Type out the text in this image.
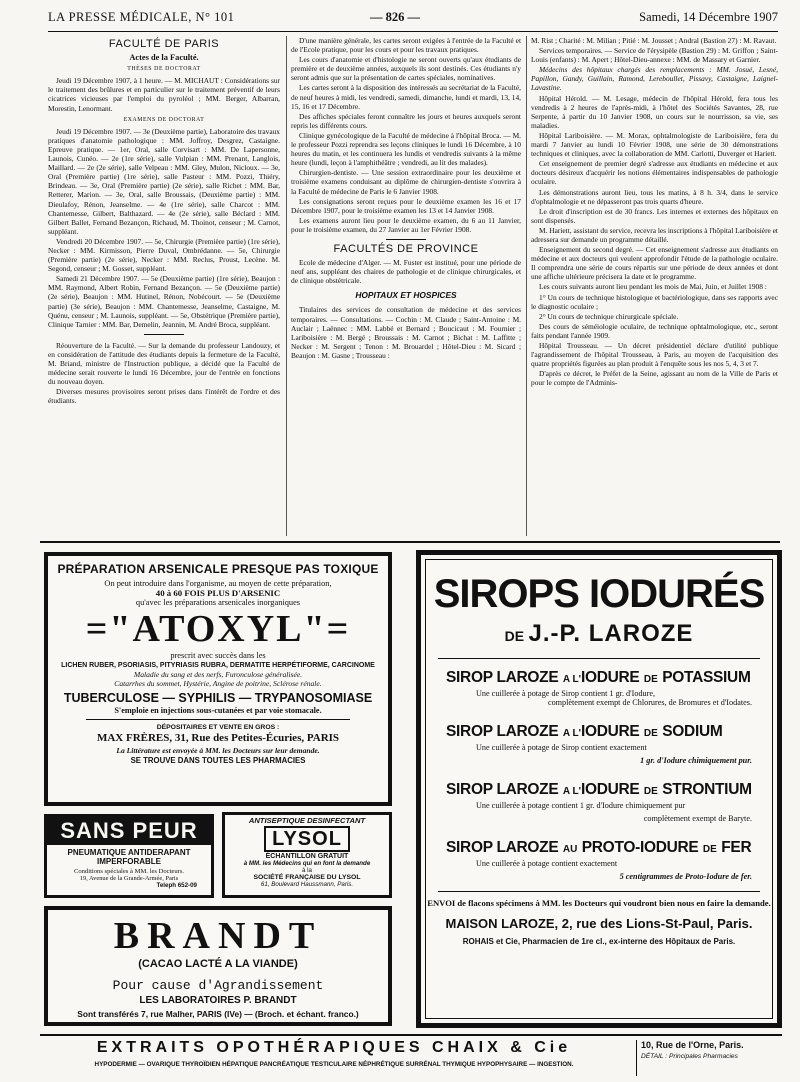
LA PRESSE MÉDICALE, N° 101	— 826 —	Samedi, 14 Décembre 1907
FACULTÉ DE PARIS
Actes de la Faculté.
THÈSES DE DOCTORAT

Jeudi 19 Décembre 1907, à 1 heure. — M. MICHAUT : Considérations sur le traitement des brûlures et en particulier sur le traitement préventif de leurs cicatrices vicieuses par l'emploi du pyroléol ; MM. Berger, Albarran, Morestin, Lenormant.

EXAMENS DE DOCTORAT

Jeudi 19 Décembre 1907. — 3e (Deuxième partie), Laboratoire des travaux pratiques d'anatomie pathologique : MM. Joffroy, Desgrez, Castaigne. Epreuve pratique. — 1er, Oral, salle Corvisart : MM. De Lapersonne, Launois, Cunéo. — 2e (1re série), salle Vulpian : MM. Prenant, Langlois, Maillard. — 2e (2e série), salle Velpeau : MM. Gley, Mulon, Nicloux. — 3e, Oral (Première partie) (1re série), salle Pasteur : MM. Pozzi, Thiéry, Brindeau. — 3e, Oral (Première partie) (2e série), salle Richet : MM. Bar, Retterer, Marion. — 3e, Oral, salle Broussais, (Deuxième partie) : MM. Dieulafoy, Rénon, Jeanselme. — 4e (1re série), salle Charcot : MM. Chantemesse, Gilbert, Balthazard. — 4e (2e série), salle Béclard : MM. Gilbert Ballet, Fernand Bezançon, Richaud, M. Thoinot, censeur ; M. Carnot, suppléant.

Vendredi 20 Décembre 1907. — 5e, Chirurgie (Première partie) (1re série), Necker : MM. Kirmisson, Pierre Duval, Ombrédanne. — 5e, Chirurgie (Première partie) (2e série), Necker : MM. Reclus, Proust, Lecène. M. Segond, censeur ; M. Gosset, suppléant.

Samedi 21 Décembre 1907. — 5e (Deuxième partie) (1re série), Beaujon : MM. Raymond, Albert Robin, Fernand Bezançon. — 5e (Deuxième partie) (2e série), Beaujon : MM. Hutinel, Rénon, Nobécourt. — 5e (Deuxième partie) (3e série), Beaujon : MM. Chantemesse, Jeanselme, Castaigne, M. Quénu, censeur ; M. Launois, suppléant. — 5e, Obstétrique (Première partie), Clinique Tarnier : MM. Bar, Demelin, Jeannin, M. André Broca, suppléant.

Réouverture de la Faculté. — Sur la demande du professeur Landouzy, et en considération de l'attitude des étudiants depuis la fermeture de la Faculté, M. Briand, ministre de l'Instruction publique, a décidé que la Faculté de médecine serait rouverte le lundi 16 Décembre, jour de l'entrée en fonctions du nouveau doyen.

Diverses mesures provisoires seront prises dans l'intérêt de l'ordre et des étudiants.

D'une manière générale, les cartes seront exigées à l'entrée de la Faculté et de l'Ecole pratique, pour les cours et pour les travaux pratiques.

Les cours d'anatomie et d'histologie ne seront ouverts qu'aux étudiants de première et de deuxième années, auxquels ils sont destinés. Ces étudiants n'y seront admis que sur la présentation de cartes spéciales, nominatives.

Les cartes seront à la disposition des intéressés au secrétariat de la Faculté, de neuf heures à midi, les vendredi, samedi, dimanche, lundi et mardi, 13, 14, 15, 16 et 17 Décembre.

Des affiches spéciales feront connaître les jours et heures auxquels seront repris les différents cours.

Clinique gynécologique de la Faculté de médecine à l'hôpital Broca. — M. le professeur Pozzi reprendra ses leçons cliniques le lundi 16 Décembre, à 10 heures du matin, et les continuera les lundis et vendredis suivants à la même heure (lundi, leçon à l'amphithéâtre ; vendredi, au lit des malades).

Chirurgien-dentiste. — Une session extraordinaire pour les deuxième et troisième examens conduisant au diplôme de chirurgien-dentiste s'ouvrira à la Faculté de médecine de Paris le 6 Janvier 1908.

Les consignations seront reçues pour le deuxième examen les 16 et 17 Décembre 1907, pour le troisième examen les 13 et 14 Janvier 1908.

Les examens auront lieu pour le deuxième examen, du 6 au 11 Janvier, pour le troisième examen, du 27 Janvier au 1er Février 1908.

FACULTÉS DE PROVINCE

Ecole de médecine d'Alger. — M. Fuster est institué, pour une période de neuf ans, suppléant des chaires de pathologie et de clinique chirurgicales, et de clinique obstétricale.

HOPITAUX ET HOSPICES

Titulaires des services de consultation de médecine et des services temporaires. — Consultations. — Cochin : M. Claude ; Saint-Antoine : M. Auclair ; Laënnec : MM. Labbé et Bernard ; Boucicaut : M. Fournier ; Lariboisière : M. Bergé ; Broussais : M. Carnot ; Bichat : M. Laffitte ; Necker : M. Sergent ; Tenon : M. Brouardel ; Hôtel-Dieu : M. Sicard ; Beaujon : M. Gasne ; Trousseau :

M. Rist ; Charité : M. Milian ; Pitié : M. Jousset ; Andral (Bastion 27) : M. Ravaut.

Services temporaires. — Service de l'érysipèle (Bastion 29) : M. Griffon ; Saint-Louis (enfants) : M. Apert ; Hôtel-Dieu-annexe : MM. de Massary et Garnier.

Médecins des hôpitaux chargés des remplacements : MM. Josué, Lesné, Papillon, Gandy, Guillain, Ramond, Lereboullet, Pissavy, Castaigne, Laignel-Lavastine.

Hôpital Hérold. — M. Lesage, médecin de l'hôpital Hérold, fera tous les vendredis à 2 heures de l'après-midi, à l'hôtel des Sociétés Savantes, 28, rue Serpente, à partir du 10 Janvier 1908, un cours sur le nourrisson, sa vie, ses maladies.

Hôpital Lariboisière. — M. Morax, ophtalmologiste de Lariboisière, fera du mardi 7 Janvier au lundi 10 Février 1908, une série de 30 démonstrations techniques et cliniques, avec la collaboration de MM. Carlotti, Duverger et Hariett.

Cet enseignement de premier degré s'adresse aux étudiants en médecine et aux docteurs désireux d'acquérir les notions élémentaires indispensables de pathologie oculaire.

Les démonstrations auront lieu, tous les matins, à 8 h. 3/4, dans le service d'ophtalmologie et ne dépasseront pas trois quarts d'heure.

Le droit d'inscription est de 30 francs. Les internes et externes des hôpitaux en sont dispensés.

M. Hariett, assistant du service, recevra les inscriptions à l'hôpital Lariboisière et adressera sur demande un programme détaillé.

Enseignement du second degré. — Cet enseignement s'adresse aux étudiants en médecine et aux docteurs qui veulent approfondir l'étude de la pathologie oculaire. Il comprendra une série de cours répartis sur une période de deux années et dont une affiche ultérieure précisera la date et le programme.

Les cours suivants auront lieu pendant les mois de Mai, Juin, et Juillet 1908 :

1° Un cours de technique histologique et bactériologique, dans ses rapports avec le diagnostic oculaire ;

2° Un cours de technique chirurgicale spéciale.

Des cours de séméiologie oculaire, de technique ophtalmologique, etc., seront faits pendant l'année 1909.

Hôpital Trousseau. — Un décret présidentiel déclare d'utilité publique l'agrandissement de l'hôpital Trousseau, à Paris, au moyen de l'acquisition des quatre propriétés figurées au plan produit à l'enquête sous les nos 5, 4, 3 et 7.

D'après ce décret, le Préfet de la Seine, agissant au nom de la Ville de Paris et pour le compte de l'Adminis-

PRÉPARATION ARSENICALE PRESQUE PAS TOXIQUE
On peut introduire dans l'organisme, au moyen de cette préparation,
40 à 60 FOIS PLUS D'ARSENIC
qu'avec les préparations arsenicales inorganiques
="ATOXYL"=
prescrit avec succès dans les
LICHEN RUBER, PSORIASIS, PITYRIASIS RUBRA, DERMATITE HERPÉTIFORME, CARCINOME
Maladie du sang et des nerfs, Furonculose généralisée.
Catarrhes du sommet, Hystérie, Angine de poitrine, Sclérose rénale.
TUBERCULOSE — SYPHILIS — TRYPANOSOMIASE
S'emploie en injections sous-cutanées et par voie stomacale.
DÉPOSITAIRES ET VENTE EN GROS :
MAX FRÈRES, 31, Rue des Petites-Écuries, PARIS
La Littérature est envoyée à MM. les Docteurs sur leur demande.
SE TROUVE DANS TOUTES LES PHARMACIES
SANS PEUR
PNEUMATIQUE ANTIDERAPANT
IMPERFORABLE
Conditions spéciales à MM. les Docteurs.
19, Avenue de la Grande-Armée, Paris
Teleph 652-09
ANTISEPTIQUE DESINFECTANT
LYSOL
ÉCHANTILLON GRATUIT
à MM. les Médecins qui en font la demande
à la
SOCIÉTÉ FRANÇAISE DU LYSOL
61, Boulevard Haussmann, Paris.
BRANDT
(CACAO LACTÉ A LA VIANDE)
Pour cause d'Agrandissement
LES LABORATOIRES P. BRANDT
Sont transférés 7, rue Malher, PARIS (IVe) — (Broch. et échant. franco.)
SIROPS IODURÉS
DE J.-P. LAROZE
SIROP LAROZE A L'IODURE DE POTASSIUM
Une cuillerée à potage de Sirop contient 1 gr. d'Iodure,
complètement exempt de Chlorures, de Bromures et d'Iodates.
SIROP LAROZE A L'IODURE DE SODIUM
Une cuillerée à potage de Sirop contient exactement
1 gr. d'Iodure chimiquement pur.
SIROP LAROZE A L'IODURE DE STRONTIUM
Une cuillerée à potage contient 1 gr. d'Iodure chimiquement pur
complètement exempt de Baryte.
SIROP LAROZE AU PROTO-IODURE DE FER
Une cuillerée à potage contient exactement
5 centigrammes de Proto-Iodure de fer.
ENVOI de flacons spécimens à MM. les Docteurs qui voudront bien nous en faire la demande.
MAISON LAROZE, 2, rue des Lions-St-Paul, Paris.
ROHAIS et Cie, Pharmacien de 1re cl., ex-interne des Hôpitaux de Paris.
EXTRAITS OPOTHÉRAPIQUES CHAIX & Cie
HYPODERMIE — OVARIQUE THYROÏDIEN HÉPATIQUE PANCRÉATIQUE TESTICULAIRE NÉPHRÉTIQUE SURRÉNAL THYMIQUE HYPOPHYSAIRE — INGESTION.
10, Rue de l'Orne, Paris.
DÉTAIL : Principales Pharmacies
